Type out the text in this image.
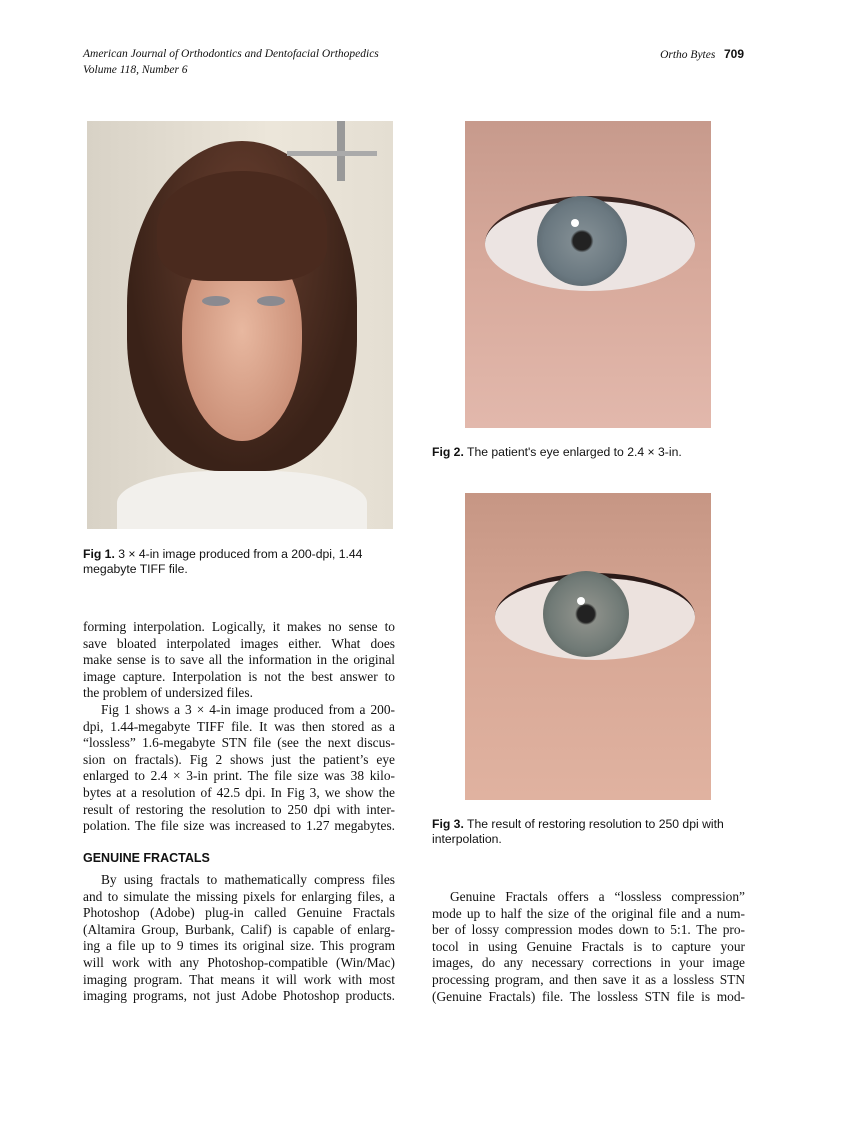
American Journal of Orthodontics and Dentofacial Orthopedics
Volume 118, Number 6
Ortho Bytes 709
Fig 1. 3 × 4-in image produced from a 200-dpi, 1.44
megabyte TIFF file.
Fig 2. The patient's eye enlarged to 2.4 × 3-in.
Fig 3. The result of restoring resolution to 250 dpi with
interpolation.
forming interpolation. Logically, it makes no sense to
save bloated interpolated images either. What does
make sense is to save all the information in the original
image capture. Interpolation is not the best answer to
the problem of undersized files.
Fig 1 shows a 3 × 4-in image produced from a 200-
dpi, 1.44-megabyte TIFF file. It was then stored as a
“lossless” 1.6-megabyte STN file (see the next discus-
sion on fractals). Fig 2 shows just the patient’s eye
enlarged to 2.4 × 3-in print. The file size was 38 kilo-
bytes at a resolution of 42.5 dpi. In Fig 3, we show the
result of restoring the resolution to 250 dpi with inter-
polation. The file size was increased to 1.27 megabytes.
GENUINE FRACTALS
By using fractals to mathematically compress files
and to simulate the missing pixels for enlarging files, a
Photoshop (Adobe) plug-in called Genuine Fractals
(Altamira Group, Burbank, Calif) is capable of enlarg-
ing a file up to 9 times its original size. This program
will work with any Photoshop-compatible (Win/Mac)
imaging program. That means it will work with most
imaging programs, not just Adobe Photoshop products.
Genuine Fractals offers a “lossless compression”
mode up to half the size of the original file and a num-
ber of lossy compression modes down to 5:1. The pro-
tocol in using Genuine Fractals is to capture your
images, do any necessary corrections in your image
processing program, and then save it as a lossless STN
(Genuine Fractals) file. The lossless STN file is mod-
